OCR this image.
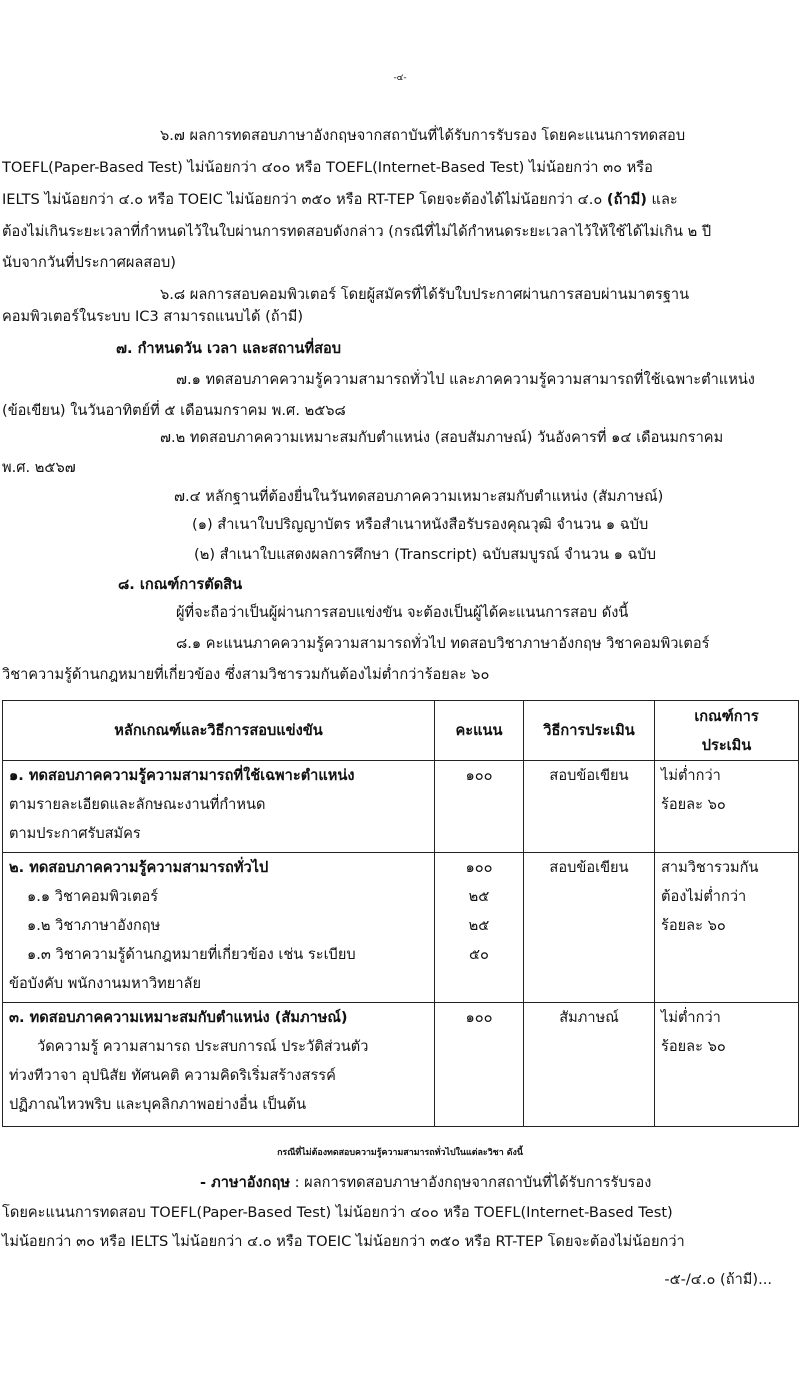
-๔-
๖.๗ ผลการทดสอบภาษาอังกฤษจากสถาบันที่ได้รับการรับรอง โดยคะแนนการทดสอบ
TOEFL(Paper-Based Test) ไม่น้อยกว่า ๔๐๐ หรือ TOEFL(Internet-Based Test) ไม่น้อยกว่า ๓๐ หรือ
IELTS ไม่น้อยกว่า ๔.๐ หรือ TOEIC ไม่น้อยกว่า ๓๕๐ หรือ RT-TEP โดยจะต้องได้ไม่น้อยกว่า ๔.๐ (ถ้ามี) และ
ต้องไม่เกินระยะเวลาที่กำหนดไว้ในใบผ่านการทดสอบดังกล่าว (กรณีที่ไม่ได้กำหนดระยะเวลาไว้ให้ใช้ได้ไม่เกิน ๒ ปี
นับจากวันที่ประกาศผลสอบ)
๖.๘ ผลการสอบคอมพิวเตอร์ โดยผู้สมัครที่ได้รับใบประกาศผ่านการสอบผ่านมาตรฐาน
คอมพิวเตอร์ในระบบ IC3 สามารถแนบได้ (ถ้ามี)
๗. กำหนดวัน เวลา และสถานที่สอบ
๗.๑ ทดสอบภาคความรู้ความสามารถทั่วไป และภาคความรู้ความสามารถที่ใช้เฉพาะตำแหน่ง
(ข้อเขียน) ในวันอาทิตย์ที่ ๕ เดือนมกราคม พ.ศ. ๒๕๖๘
๗.๒ ทดสอบภาคความเหมาะสมกับตำแหน่ง (สอบสัมภาษณ์) วันอังคารที่ ๑๔ เดือนมกราคม
พ.ศ. ๒๕๖๗
๗.๔ หลักฐานที่ต้องยื่นในวันทดสอบภาคความเหมาะสมกับตำแหน่ง (สัมภาษณ์)
(๑) สำเนาใบปริญญาบัตร หรือสำเนาหนังสือรับรองคุณวุฒิ จำนวน ๑ ฉบับ
(๒) สำเนาใบแสดงผลการศึกษา (Transcript) ฉบับสมบูรณ์ จำนวน ๑ ฉบับ
๘. เกณฑ์การตัดสิน
ผู้ที่จะถือว่าเป็นผู้ผ่านการสอบแข่งขัน จะต้องเป็นผู้ได้คะแนนการสอบ ดังนี้
๘.๑ คะแนนภาคความรู้ความสามารถทั่วไป ทดสอบวิชาภาษาอังกฤษ วิชาคอมพิวเตอร์
วิชาความรู้ด้านกฎหมายที่เกี่ยวข้อง ซึ่งสามวิชารวมกันต้องไม่ต่ำกว่าร้อยละ ๖๐
หลักเกณฑ์และวิธีการสอบแข่งขัน	คะแนน	วิธีการประเมิน	เกณฑ์การ
ประเมิน

๑. ทดสอบภาคความรู้ความสามารถที่ใช้เฉพาะตำแหน่ง
ตามรายละเอียดและลักษณะงานที่กำหนด
ตามประกาศรับสมัคร	๑๐๐	สอบข้อเขียน	ไม่ต่ำกว่า
ร้อยละ ๖๐

๒. ทดสอบภาคความรู้ความสามารถทั่วไป
๑.๑ วิชาคอมพิวเตอร์
๑.๒ วิชาภาษาอังกฤษ
๑.๓ วิชาความรู้ด้านกฎหมายที่เกี่ยวข้อง เช่น ระเบียบ
ข้อบังคับ พนักงานมหาวิทยาลัย	๑๐๐
๒๕
๒๕
๕๐	สอบข้อเขียน	สามวิชารวมกัน
ต้องไม่ต่ำกว่า
ร้อยละ ๖๐

๓. ทดสอบภาคความเหมาะสมกับตำแหน่ง (สัมภาษณ์)
วัดความรู้ ความสามารถ ประสบการณ์ ประวัติส่วนตัว
ท่วงทีวาจา อุปนิสัย ทัศนคติ ความคิดริเริ่มสร้างสรรค์
ปฏิภาณไหวพริบ และบุคลิกภาพอย่างอื่น เป็นต้น	๑๐๐	สัมภาษณ์	ไม่ต่ำกว่า
ร้อยละ ๖๐
กรณีที่ไม่ต้องทดสอบความรู้ความสามารถทั่วไปในแต่ละวิชา ดังนี้
- ภาษาอังกฤษ : ผลการทดสอบภาษาอังกฤษจากสถาบันที่ได้รับการรับรอง
โดยคะแนนการทดสอบ TOEFL(Paper-Based Test) ไม่น้อยกว่า ๔๐๐ หรือ TOEFL(Internet-Based Test)
ไม่น้อยกว่า ๓๐ หรือ IELTS ไม่น้อยกว่า ๔.๐ หรือ TOEIC ไม่น้อยกว่า ๓๕๐ หรือ RT-TEP โดยจะต้องไม่น้อยกว่า
-๕-/๔.๐ (ถ้ามี)...
